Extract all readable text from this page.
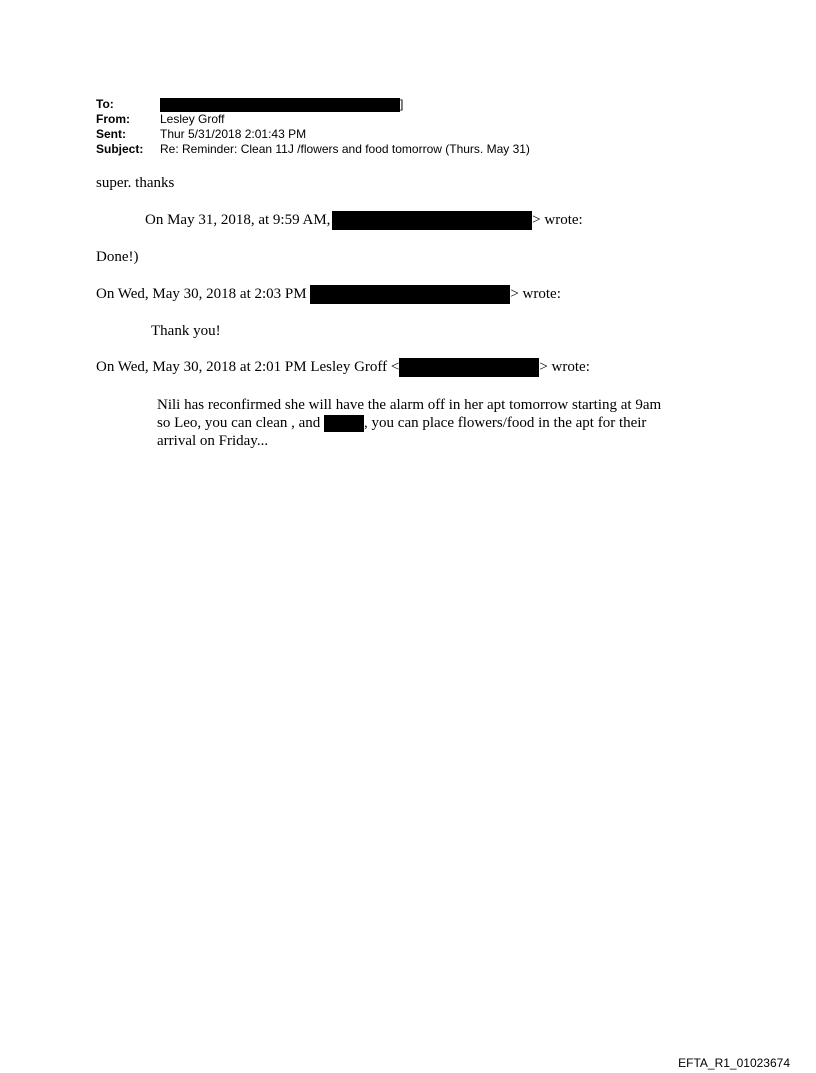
To:	]
From:	Lesley Groff
Sent:	Thur 5/31/2018 2:01:43 PM
Subject: Re: Reminder: Clean 11J /flowers and food tomorrow (Thurs. May 31)
super. thanks
On May 31, 2018, at 9:59 AM,	> wrote:
Done!)
On Wed, May 30, 2018 at 2:03 PM	> wrote:
Thank you!
On Wed, May 30, 2018 at 2:01 PM Lesley Groff <	> wrote:
Nili has reconfirmed she will have the alarm off in her apt tomorrow starting at 9am so Leo, you can clean , and	, you can place flowers/food in the apt for their arrival on Friday...
EFTA_R1_01023674
